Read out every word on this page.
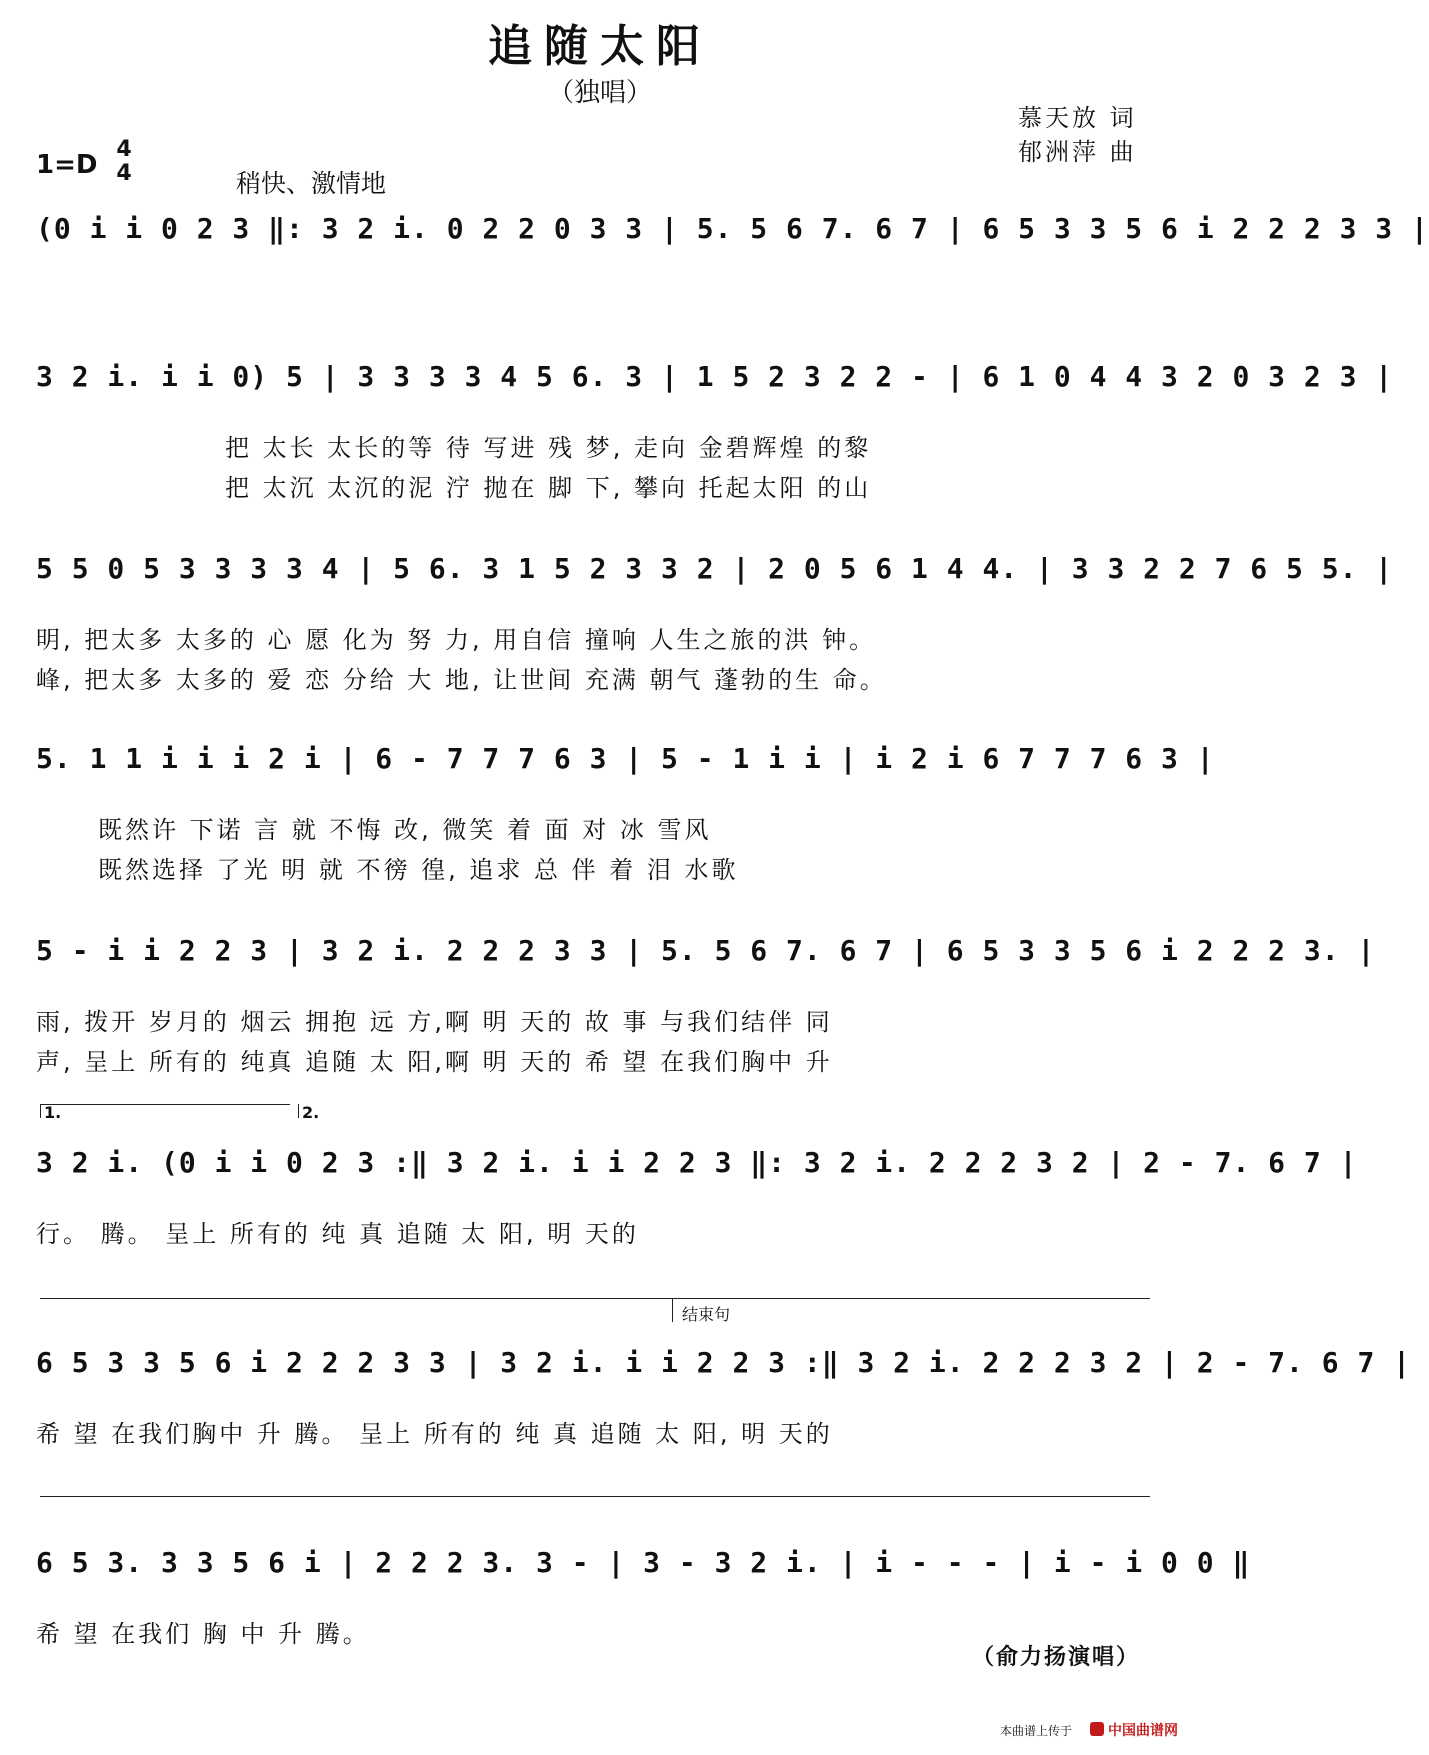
追随太阳
（独唱）
慕天放 词
郁洲萍 曲
1=D
4
4	稍快、激情地
(0 i i 0 2 3 ‖: 3 2 i. 0 2 2 0 3 3 | 5. 5 6 7. 6 7 | 6 5 3 3 5 6 i 2 2 2 3 3 |
3 2 i. i i 0) 5 | 3 3 3 3 4 5 6. 3 | 1 5 2 3 2 2 - | 6 1 0 4 4 3 2 0 3 2 3 |
把 太长 太长的等 待 写进 残 梦, 走向 金碧辉煌 的黎
把 太沉 太沉的泥 泞 抛在 脚 下, 攀向 托起太阳 的山
5 5 0 5 3 3 3 3 4 | 5 6. 3 1 5 2 3 3 2 | 2 0 5 6 1 4 4. | 3 3 2 2 7 6 5 5. |
明, 把太多 太多的 心 愿 化为 努 力, 用自信 撞响 人生之旅的洪 钟。
峰, 把太多 太多的 爱 恋 分给 大 地, 让世间 充满 朝气 蓬勃的生 命。
5. 1 1 i i i 2 i | 6 - 7 7 7 6 3 | 5 - 1 i i | i 2 i 6 7 7 7 6 3 |
既然许 下诺 言 就 不悔 改, 微笑 着 面 对 冰 雪风
既然选择 了光 明 就 不徬 徨, 追求 总 伴 着 泪 水歌
5 - i i 2 2 3 | 3 2 i. 2 2 2 3 3 | 5. 5 6 7. 6 7 | 6 5 3 3 5 6 i 2 2 2 3. |
雨, 拨开 岁月的 烟云 拥抱 远 方,啊 明 天的 故 事 与我们结伴 同
声, 呈上 所有的 纯真 追随 太 阳,啊 明 天的 希 望 在我们胸中 升
1.	2.
3 2 i. (0 i i 0 2 3 :‖ 3 2 i. i i 2 2 3 ‖: 3 2 i. 2 2 2 3 2 | 2 - 7. 6 7 |
行。 腾。 呈上 所有的 纯 真 追随 太 阳, 明 天的
结束句
6 5 3 3 5 6 i 2 2 2 3 3 | 3 2 i. i i 2 2 3 :‖ 3 2 i. 2 2 2 3 2 | 2 - 7. 6 7 |
希 望 在我们胸中 升 腾。 呈上 所有的 纯 真 追随 太 阳, 明 天的
6 5 3. 3 3 5 6 i | 2 2 2 3. 3 - | 3 - 3 2 i. | i - - - | i - i 0 0 ‖
希 望 在我们 胸 中 升 腾。
（俞力扬演唱）
本曲谱上传于	中国曲谱网
